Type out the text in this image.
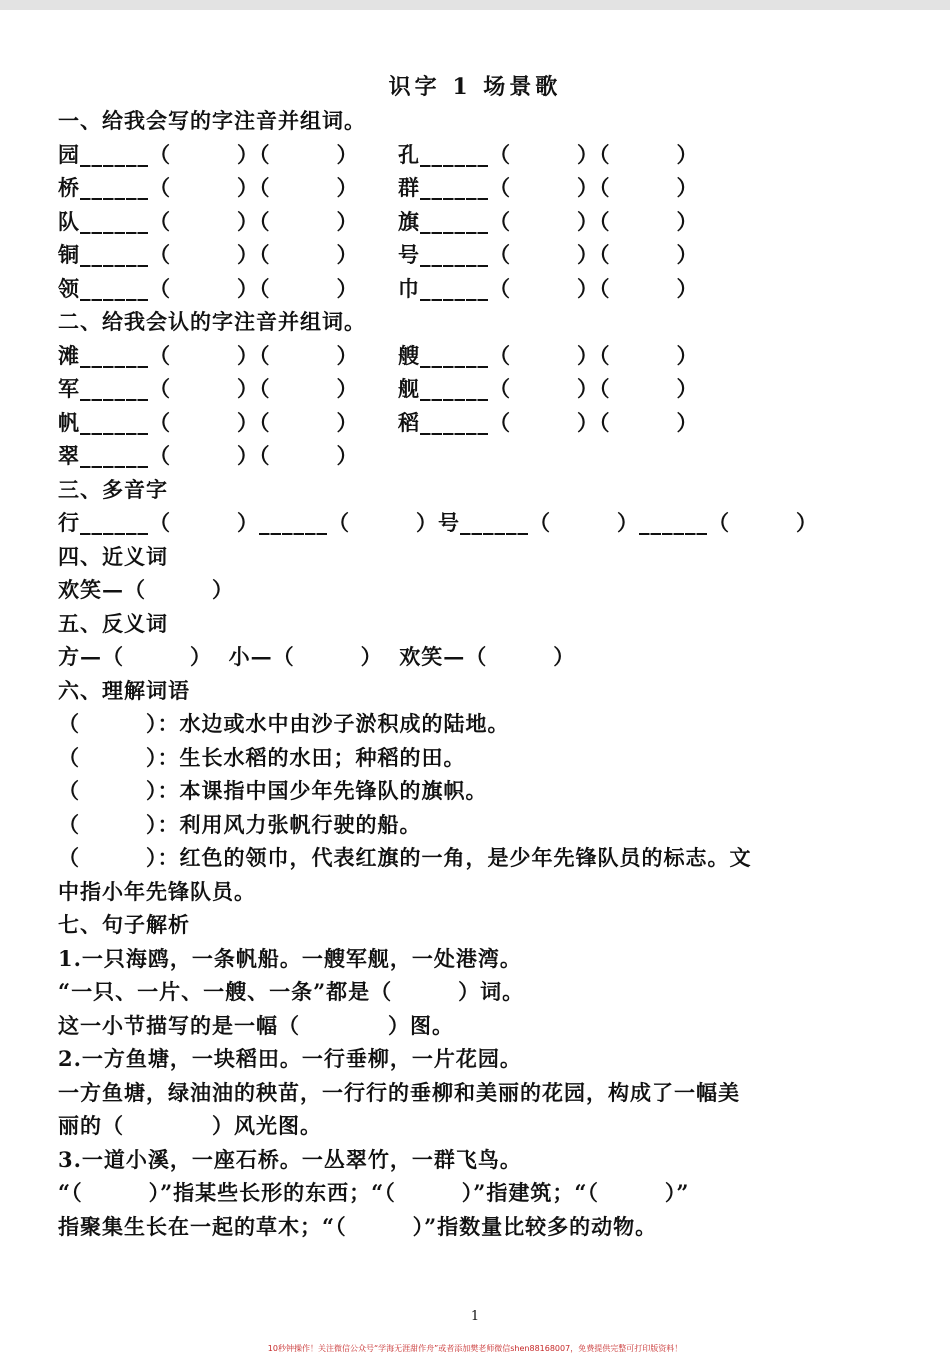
识字 1 场景歌
一、给我会写的字注音并组词。
园______（　　　）（　　　） 孔______（　　　）（　　　）
桥______（　　　）（　　　） 群______（　　　）（　　　）
队______（　　　）（　　　） 旗______（　　　）（　　　）
铜______（　　　）（　　　） 号______（　　　）（　　　）
领______（　　　）（　　　） 巾______（　　　）（　　　）
二、给我会认的字注音并组词。
滩______（　　　）（　　　） 艘______（　　　）（　　　）
军______（　　　）（　　　） 舰______（　　　）（　　　）
帆______（　　　）（　　　） 稻______（　　　）（　　　）
翠______（　　　）（　　　）
三、多音字
行______（　　　）______（　　　）号______（　　　）______（　　　）
四、近义词
欢笑—（　　　）
五、反义词
方—（　　　）  小—（　　　）  欢笑—（　　　）
六、理解词语
（　　　）：水边或水中由沙子淤积成的陆地。
（　　　）：生长水稻的水田；种稻的田。
（　　　）：本课指中国少年先锋队的旗帜。
（　　　）：利用风力张帆行驶的船。
（　　　）：红色的领巾，代表红旗的一角，是少年先锋队员的标志。文
中指小年先锋队员。
七、句子解析
1.一只海鸥，一条帆船。一艘军舰，一处港湾。
“一只、一片、一艘、一条”都是（　　　）词。
这一小节描写的是一幅（　　　　）图。
2.一方鱼塘，一块稻田。一行垂柳，一片花园。
一方鱼塘，绿油油的秧苗，一行行的垂柳和美丽的花园，构成了一幅美
丽的（　　　　）风光图。
3.一道小溪，一座石桥。一丛翠竹，一群飞鸟。
“（　　　）”指某些长形的东西；“（　　　）”指建筑；“（　　　）”
指聚集生长在一起的草木；“（　　　）”指数量比较多的动物。
1
10秒钟操作！关注微信公众号“学海无涯甜作舟”或者添加樊老师微信shen88168007，免费提供完整可打印版资料！
